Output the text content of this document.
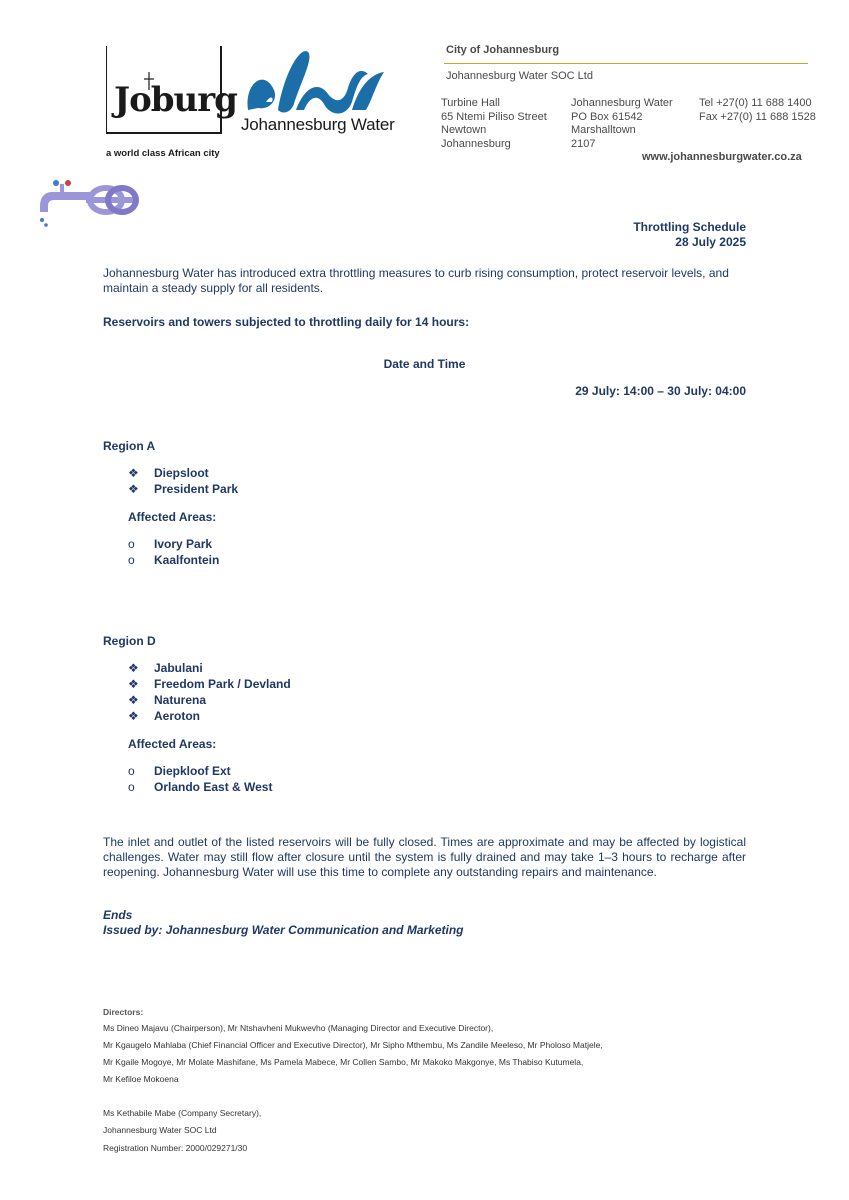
Joburg
a world class African city
Johannesburg Water
City of Johannesburg
Johannesburg Water SOC Ltd
Turbine Hall
65 Ntemi Piliso Street
Newtown
Johannesburg
Johannesburg Water
PO Box 61542
Marshalltown
2107
Tel +27(0) 11 688 1400
Fax +27(0) 11 688 1528
www.johannesburgwater.co.za
Throttling Schedule
28 July 2025
Johannesburg Water has introduced extra throttling measures to curb rising consumption, protect reservoir levels, and maintain a steady supply for all residents.
Reservoirs and towers subjected to throttling daily for 14 hours:
Date and Time
29 July: 14:00 – 30 July: 04:00
Region A
❖ Diepsloot
❖ President Park
Affected Areas:
o Ivory Park
o Kaalfontein
Region D
❖ Jabulani
❖ Freedom Park / Devland
❖ Naturena
❖ Aeroton
Affected Areas:
o Diepkloof Ext
o Orlando East & West
The inlet and outlet of the listed reservoirs will be fully closed. Times are approximate and may be affected by logistical challenges. Water may still flow after closure until the system is fully drained and may take 1–3 hours to recharge after reopening. Johannesburg Water will use this time to complete any outstanding repairs and maintenance.
Ends
Issued by: Johannesburg Water Communication and Marketing
Directors:
Ms Dineo Majavu (Chairperson), Mr Ntshavheni Mukwevho (Managing Director and Executive Director),
Mr Kgaugelo Mahlaba (Chief Financial Officer and Executive Director), Mr Sipho Mthembu, Ms Zandile Meeleso, Mr Pholoso Matjele,
Mr Kgaile Mogoye, Mr Molate Mashifane, Ms Pamela Mabece, Mr Collen Sambo, Mr Makoko Makgonye, Ms Thabiso Kutumela,
Mr Kefiloe Mokoena
Ms Kethabile Mabe (Company Secretary),
Johannesburg Water SOC Ltd
Registration Number: 2000/029271/30
